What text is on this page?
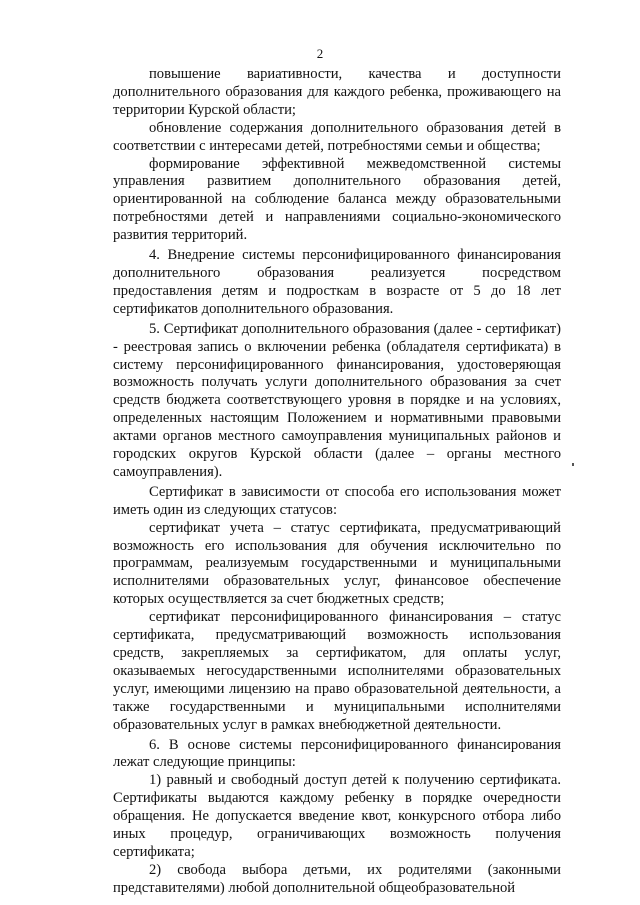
2

повышение вариативности, качества и доступности дополнительного образования для каждого ребенка, проживающего на территории Курской области;

обновление содержания дополнительного образования детей в соответствии с интересами детей, потребностями семьи и общества;

формирование эффективной межведомственной системы управления развитием дополнительного образования детей, ориентированной на соблюдение баланса между образовательными потребностями детей и направлениями социально-экономического развития территорий.

4. Внедрение системы персонифицированного финансирования дополнительного образования реализуется посредством предоставления детям и подросткам в возрасте от 5 до 18 лет сертификатов дополнительного образования.

5. Сертификат дополнительного образования (далее - сертификат) - реестровая запись о включении ребенка (обладателя сертификата) в систему персонифицированного финансирования, удостоверяющая возможность получать услуги дополнительного образования за счет средств бюджета соответствующего уровня в порядке и на условиях, определенных настоящим Положением и нормативными правовыми актами органов местного самоуправления муниципальных районов и городских округов Курской области (далее – органы местного самоуправления).

Сертификат в зависимости от способа его использования может иметь один из следующих статусов:

сертификат учета – статус сертификата, предусматривающий возможность его использования для обучения исключительно по программам, реализуемым государственными и муниципальными исполнителями образовательных услуг, финансовое обеспечение которых осуществляется за счет бюджетных средств;

сертификат персонифицированного финансирования – статус сертификата, предусматривающий возможность использования средств, закрепляемых за сертификатом, для оплаты услуг, оказываемых негосударственными исполнителями образовательных услуг, имеющими лицензию на право образовательной деятельности, а также государственными и муниципальными исполнителями образовательных услуг в рамках внебюджетной деятельности.

6. В основе системы персонифицированного финансирования лежат следующие принципы:

1) равный и свободный доступ детей к получению сертификата. Сертификаты выдаются каждому ребенку в порядке очередности обращения. Не допускается введение квот, конкурсного отбора либо иных процедур, ограничивающих возможность получения сертификата;

2) свобода выбора детьми, их родителями (законными представителями) любой дополнительной общеобразовательной
